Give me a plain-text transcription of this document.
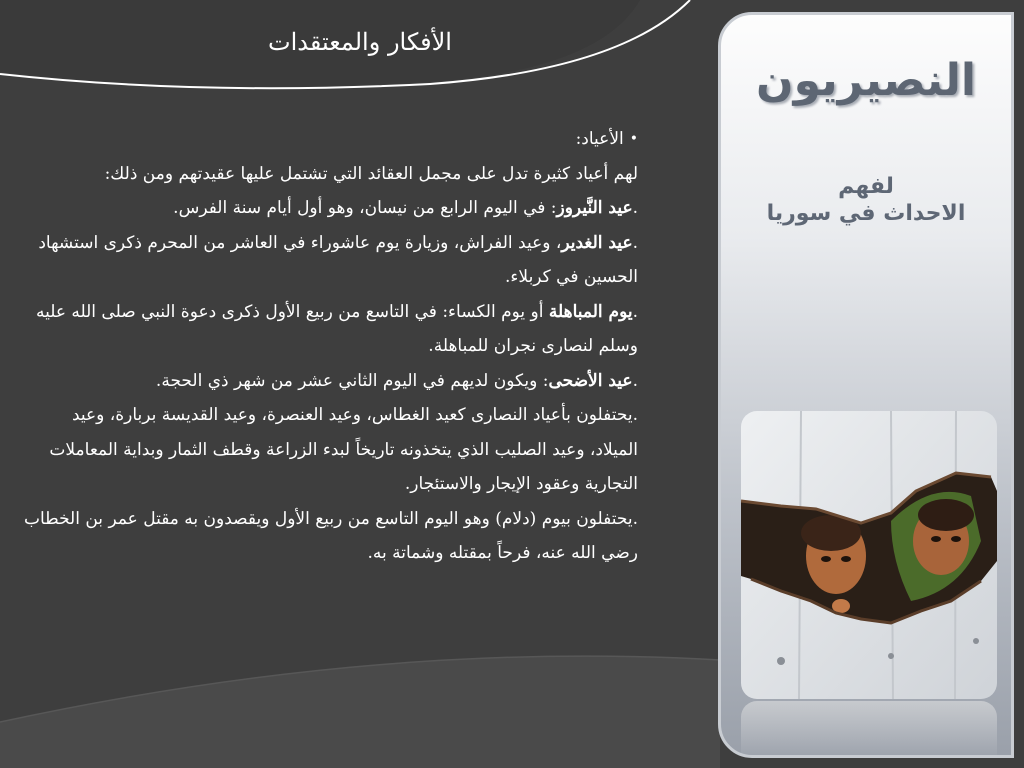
الأفكار والمعتقدات
•
الأعياد:

لهم أعياد كثيرة تدل على مجمل العقائد التي تشتمل عليها عقيدتهم ومن ذلك:

.عيد النَّيروز: في اليوم الرابع من نيسان، وهو أول أيام سنة الفرس.

.عيد الغدير، وعيد الفراش، وزيارة يوم عاشوراء في العاشر من المحرم ذكرى استشهاد الحسين في كربلاء.

.يوم المباهلة أو يوم الكساء: في التاسع من ربيع الأول ذكرى دعوة النبي صلى الله عليه وسلم لنصارى نجران للمباهلة.

.عيد الأضحى: ويكون لديهم في اليوم الثاني عشر من شهر ذي الحجة.

.يحتفلون بأعياد النصارى كعيد الغطاس، وعيد العنصرة، وعيد القديسة بربارة، وعيد الميلاد، وعيد الصليب الذي يتخذونه تاريخاً لبدء الزراعة وقطف الثمار وبداية المعاملات التجارية وعقود الإيجار والاستئجار.

.يحتفلون بيوم (دلام) وهو اليوم التاسع من ربيع الأول ويقصدون به مقتل عمر بن الخطاب رضي الله عنه، فرحاً بمقتله وشماتة به.

النصيريون
لفهم
الاحداث في سوريا
